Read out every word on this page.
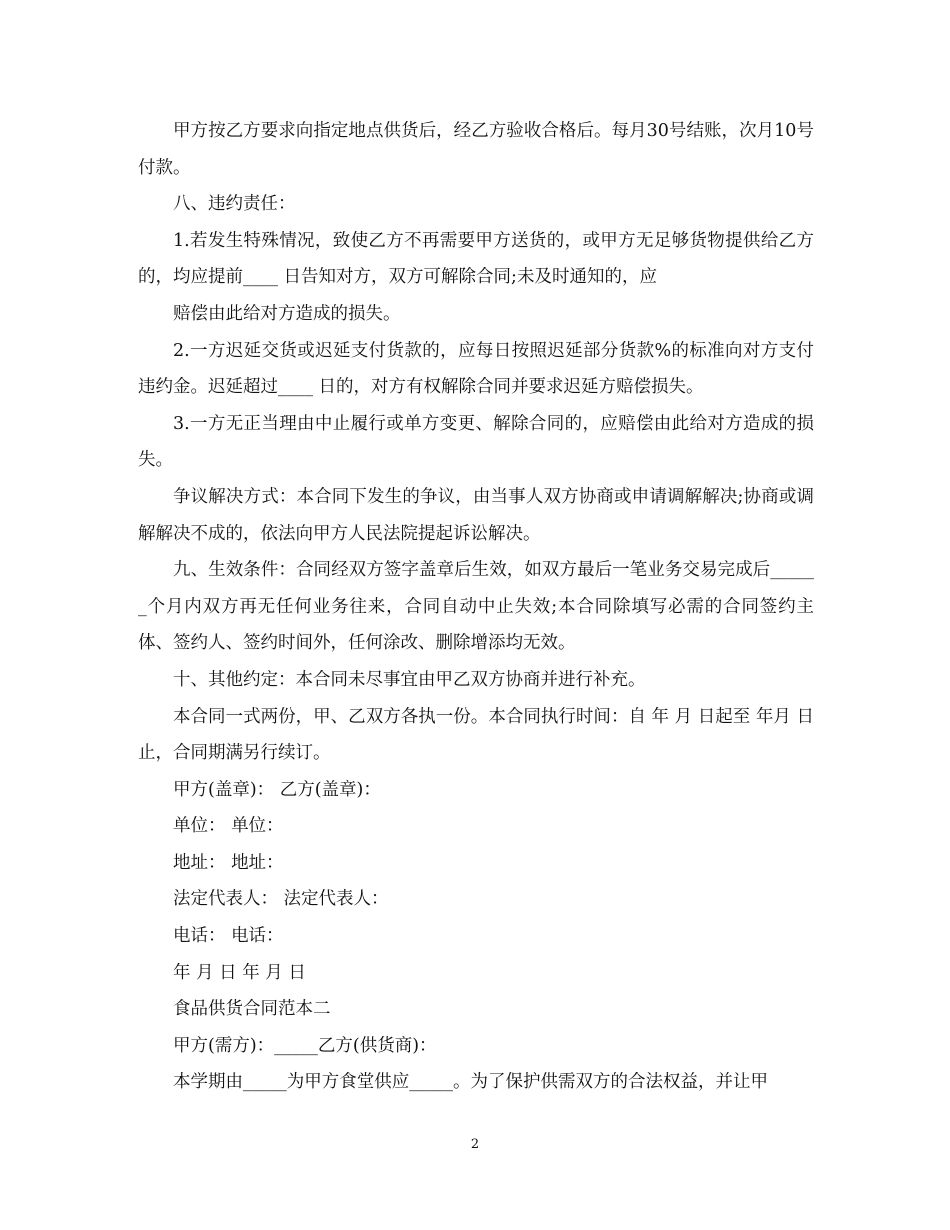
甲方按乙方要求向指定地点供货后，经乙方验收合格后。每月30号结账，次月10号付款。

八、违约责任：

1.若发生特殊情况，致使乙方不再需要甲方送货的，或甲方无足够货物提供给乙方的，均应提前____ 日告知对方，双方可解除合同;未及时通知的，应

赔偿由此给对方造成的损失。

2.一方迟延交货或迟延支付货款的，应每日按照迟延部分货款%的标准向对方支付违约金。迟延超过____ 日的，对方有权解除合同并要求迟延方赔偿损失。

3.一方无正当理由中止履行或单方变更、解除合同的，应赔偿由此给对方造成的损失。

争议解决方式：本合同下发生的争议，由当事人双方协商或申请调解解决;协商或调解解决不成的，依法向甲方人民法院提起诉讼解决。

九、生效条件：合同经双方签字盖章后生效，如双方最后一笔业务交易完成后______个月内双方再无任何业务往来，合同自动中止失效;本合同除填写必需的合同签约主体、签约人、签约时间外，任何涂改、删除增添均无效。

十、其他约定：本合同未尽事宜由甲乙双方协商并进行补充。

本合同一式两份，甲、乙双方各执一份。本合同执行时间：自 年 月 日起至 年月 日止，合同期满另行续订。

甲方(盖章)： 乙方(盖章)：

单位： 单位：

地址： 地址：

法定代表人： 法定代表人：

电话： 电话：

年 月 日 年 月 日

食品供货合同范本二

甲方(需方)：_____乙方(供货商)：

本学期由_____为甲方食堂供应_____。为了保护供需双方的合法权益，并让甲

2
